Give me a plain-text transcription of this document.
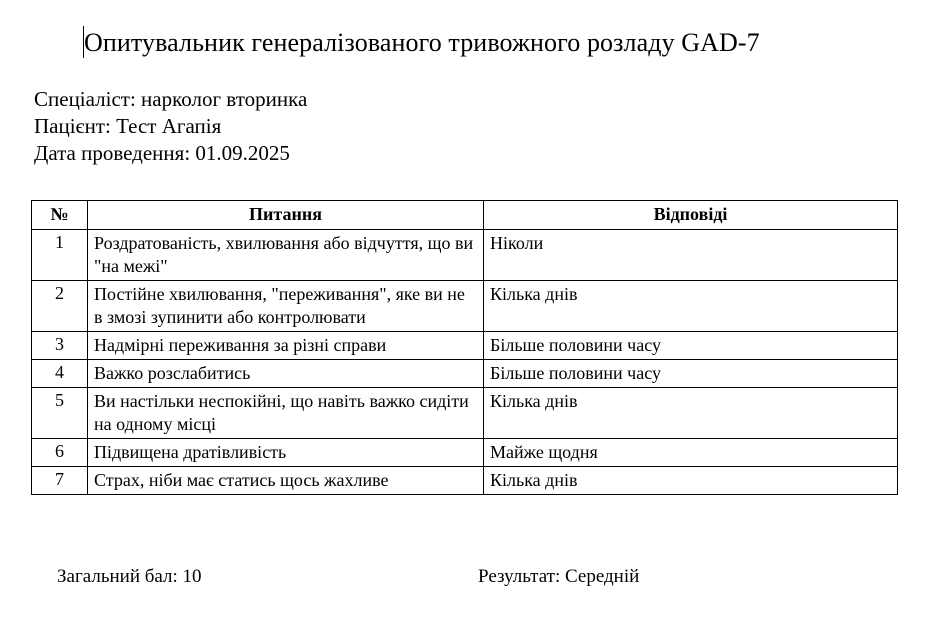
Опитувальник генералізованого тривожного розладу GAD-7
Спеціаліст: нарколог вторинка
Пацієнт: Тест Агапія
Дата проведення: 01.09.2025
№	Питання	Відповіді
1	Роздратованість, хвилювання або відчуття, що ви "на межі"	Ніколи
2	Постійне хвилювання, "переживання", яке ви не в змозі зупинити або контролювати	Кілька днів
3	Надмірні переживання за різні справи	Більше половини часу
4	Важко розслабитись	Більше половини часу
5	Ви настільки неспокійні, що навіть важко сидіти на одному місці	Кілька днів
6	Підвищена дратівливість	Майже щодня
7	Страх, ніби має статись щось жахливе	Кілька днів
Загальний бал: 10	Результат: Середній
